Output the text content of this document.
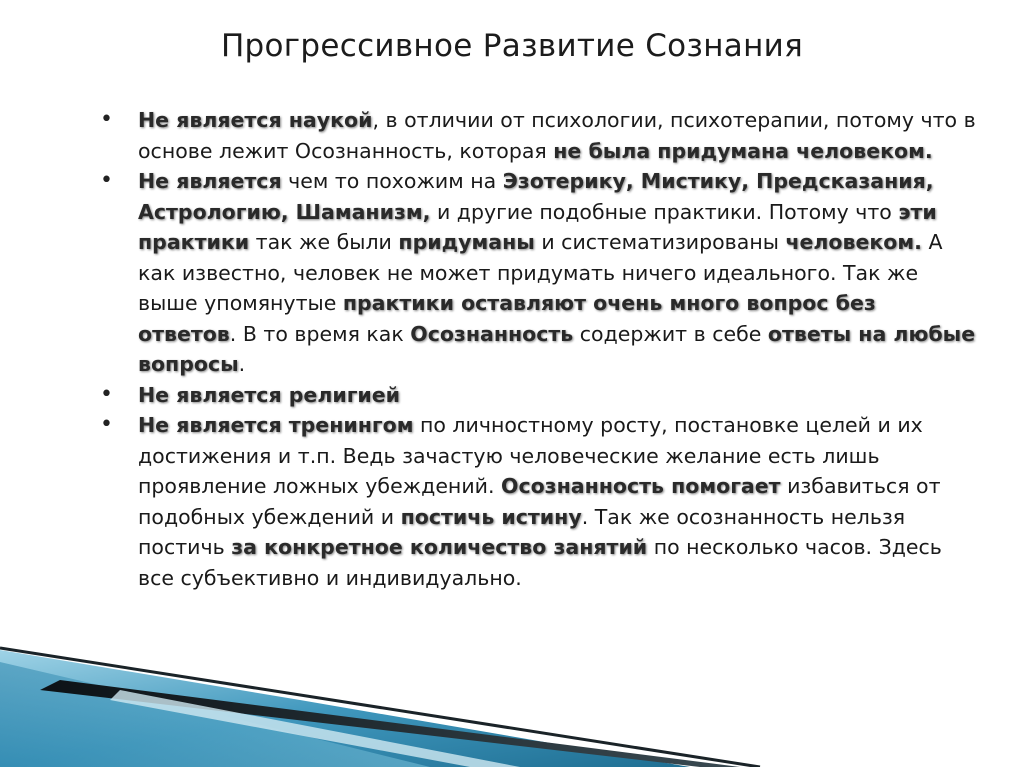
Прогрессивное Развитие Сознания
•	Не является наукой, в отличии от психологии, психотерапии, потому что в основе лежит Осознанность, которая не была придумана человеком.
•	Не является чем то похожим на Эзотерику, Мистику, Предсказания, Астрологию, Шаманизм, и другие подобные практики. Потому что эти практики так же были придуманы и систематизированы человеком. А как известно, человек не может придумать ничего идеального. Так же выше упомянутые практики оставляют очень много вопрос без ответов. В то время как Осознанность содержит в себе ответы на любые вопросы.
•	Не является религией
•	Не является тренингом по личностному росту, постановке целей и их достижения и т.п. Ведь зачастую человеческие желание есть лишь проявление ложных убеждений. Осознанность помогает избавиться от подобных убеждений и постичь истину. Так же осознанность нельзя постичь за конкретное количество занятий по несколько часов. Здесь все субъективно и индивидуально.
